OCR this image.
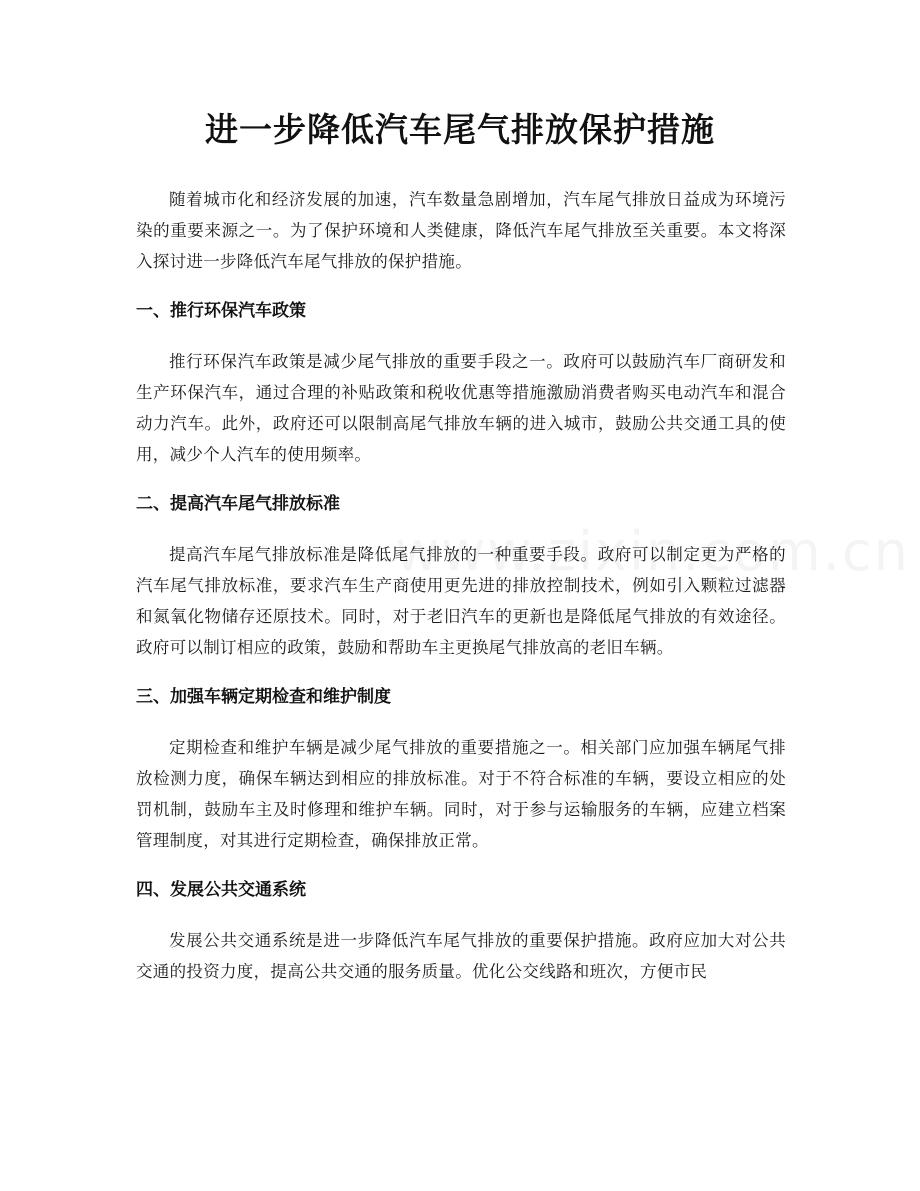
进一步降低汽车尾气排放保护措施

随着城市化和经济发展的加速，汽车数量急剧增加，汽车尾气排放日益成为环境污染的重要来源之一。为了保护环境和人类健康，降低汽车尾气排放至关重要。本文将深入探讨进一步降低汽车尾气排放的保护措施。

一、推行环保汽车政策

推行环保汽车政策是减少尾气排放的重要手段之一。政府可以鼓励汽车厂商研发和生产环保汽车，通过合理的补贴政策和税收优惠等措施激励消费者购买电动汽车和混合动力汽车。此外，政府还可以限制高尾气排放车辆的进入城市，鼓励公共交通工具的使用，减少个人汽车的使用频率。

二、提高汽车尾气排放标准

提高汽车尾气排放标准是降低尾气排放的一种重要手段。政府可以制定更为严格的汽车尾气排放标准，要求汽车生产商使用更先进的排放控制技术，例如引入颗粒过滤器和氮氧化物储存还原技术。同时，对于老旧汽车的更新也是降低尾气排放的有效途径。政府可以制订相应的政策，鼓励和帮助车主更换尾气排放高的老旧车辆。

三、加强车辆定期检查和维护制度

定期检查和维护车辆是减少尾气排放的重要措施之一。相关部门应加强车辆尾气排放检测力度，确保车辆达到相应的排放标准。对于不符合标准的车辆，要设立相应的处罚机制，鼓励车主及时修理和维护车辆。同时，对于参与运输服务的车辆，应建立档案管理制度，对其进行定期检查，确保排放正常。

四、发展公共交通系统

发展公共交通系统是进一步降低汽车尾气排放的重要保护措施。政府应加大对公共交通的投资力度，提高公共交通的服务质量。优化公交线路和班次，方便市民
